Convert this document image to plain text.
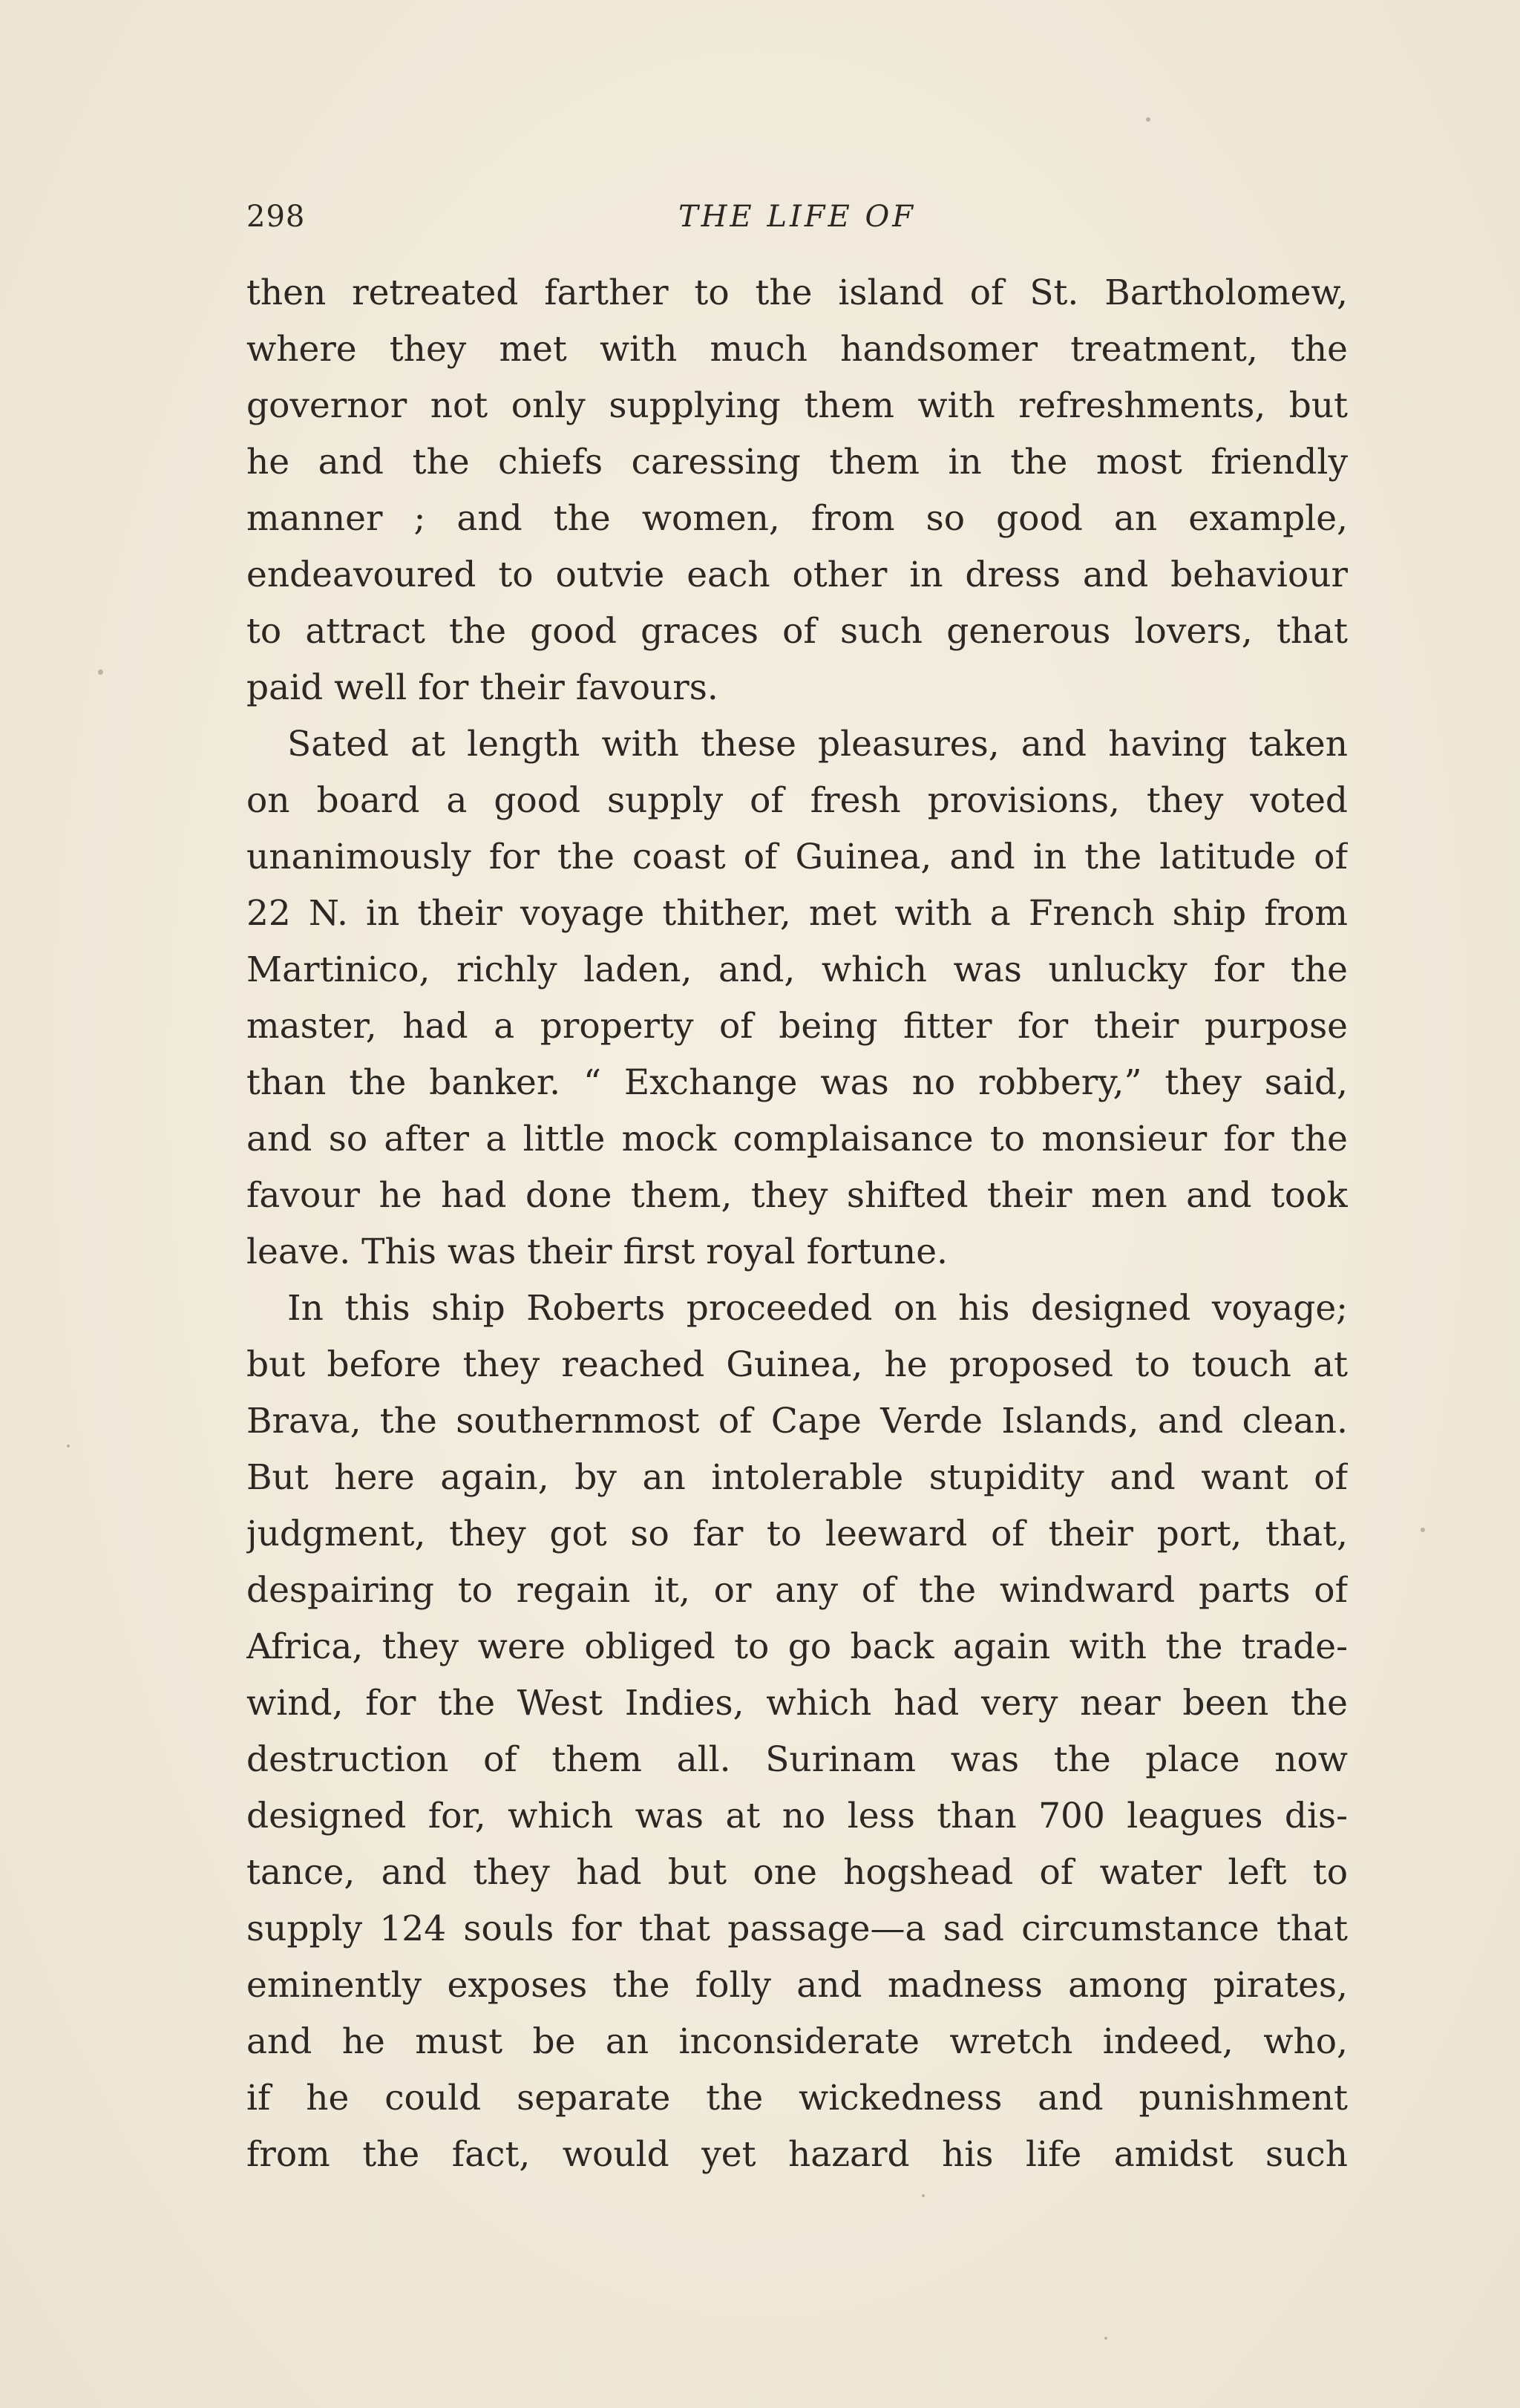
298	THE LIFE OF
then retreated farther to the island of St. Bartholomew,
where they met with much handsomer treatment, the
governor not only supplying them with refreshments, but
he and the chiefs caressing them in the most friendly
manner ; and the women, from so good an example,
endeavoured to outvie each other in dress and behaviour
to attract the good graces of such generous lovers, that
paid well for their favours.
Sated at length with these pleasures, and having taken
on board a good supply of fresh provisions, they voted
unanimously for the coast of Guinea, and in the latitude of
22 N. in their voyage thither, met with a French ship from
Martinico, richly laden, and, which was unlucky for the
master, had a property of being fitter for their purpose
than the banker. “ Exchange was no robbery,” they said,
and so after a little mock complaisance to monsieur for the
favour he had done them, they shifted their men and took
leave. This was their first royal fortune.
In this ship Roberts proceeded on his designed voyage;
but before they reached Guinea, he proposed to touch at
Brava, the southernmost of Cape Verde Islands, and clean.
But here again, by an intolerable stupidity and want of
judgment, they got so far to leeward of their port, that,
despairing to regain it, or any of the windward parts of
Africa, they were obliged to go back again with the trade-
wind, for the West Indies, which had very near been the
destruction of them all. Surinam was the place now
designed for, which was at no less than 700 leagues dis-
tance, and they had but one hogshead of water left to
supply 124 souls for that passage—a sad circumstance that
eminently exposes the folly and madness among pirates,
and he must be an inconsiderate wretch indeed, who,
if he could separate the wickedness and punishment
from the fact, would yet hazard his life amidst such
